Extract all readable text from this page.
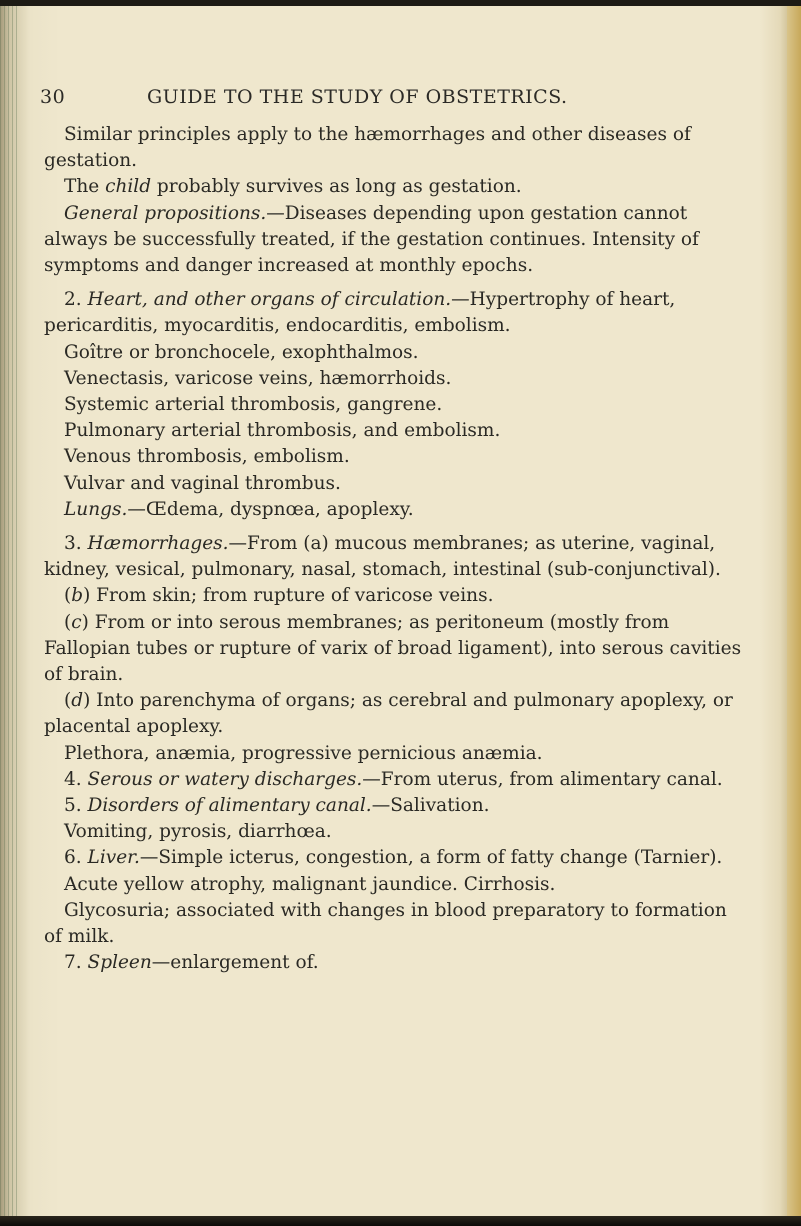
30	GUIDE TO THE STUDY OF OBSTETRICS.

Similar principles apply to the hæmorrhages and other diseases of gestation.

The child probably survives as long as gestation.

General propositions.—Diseases depending upon gestation cannot always be successfully treated, if the gestation continues. Intensity of symptoms and danger increased at monthly epochs.

2. Heart, and other organs of circulation.—Hypertrophy of heart, pericarditis, myocarditis, endocarditis, embolism.

Goître or bronchocele, exophthalmos.

Venectasis, varicose veins, hæmorrhoids.

Systemic arterial thrombosis, gangrene.

Pulmonary arterial thrombosis, and embolism.

Venous thrombosis, embolism.

Vulvar and vaginal thrombus.

Lungs.—Œdema, dyspnœa, apoplexy.

3. Hæmorrhages.—From (a) mucous membranes; as uterine, vaginal, kidney, vesical, pulmonary, nasal, stomach, intestinal (sub-conjunctival).

(b) From skin; from rupture of varicose veins.

(c) From or into serous membranes; as peritoneum (mostly from Fallopian tubes or rupture of varix of broad ligament), into serous cavities of brain.

(d) Into parenchyma of organs; as cerebral and pulmonary apoplexy, or placental apoplexy.

Plethora, anæmia, progressive pernicious anæmia.

4. Serous or watery discharges.—From uterus, from alimentary canal.

5. Disorders of alimentary canal.—Salivation.

Vomiting, pyrosis, diarrhœa.

6. Liver.—Simple icterus, congestion, a form of fatty change (Tarnier).

Acute yellow atrophy, malignant jaundice. Cirrhosis.

Glycosuria; associated with changes in blood preparatory to formation of milk.

7. Spleen—enlargement of.
